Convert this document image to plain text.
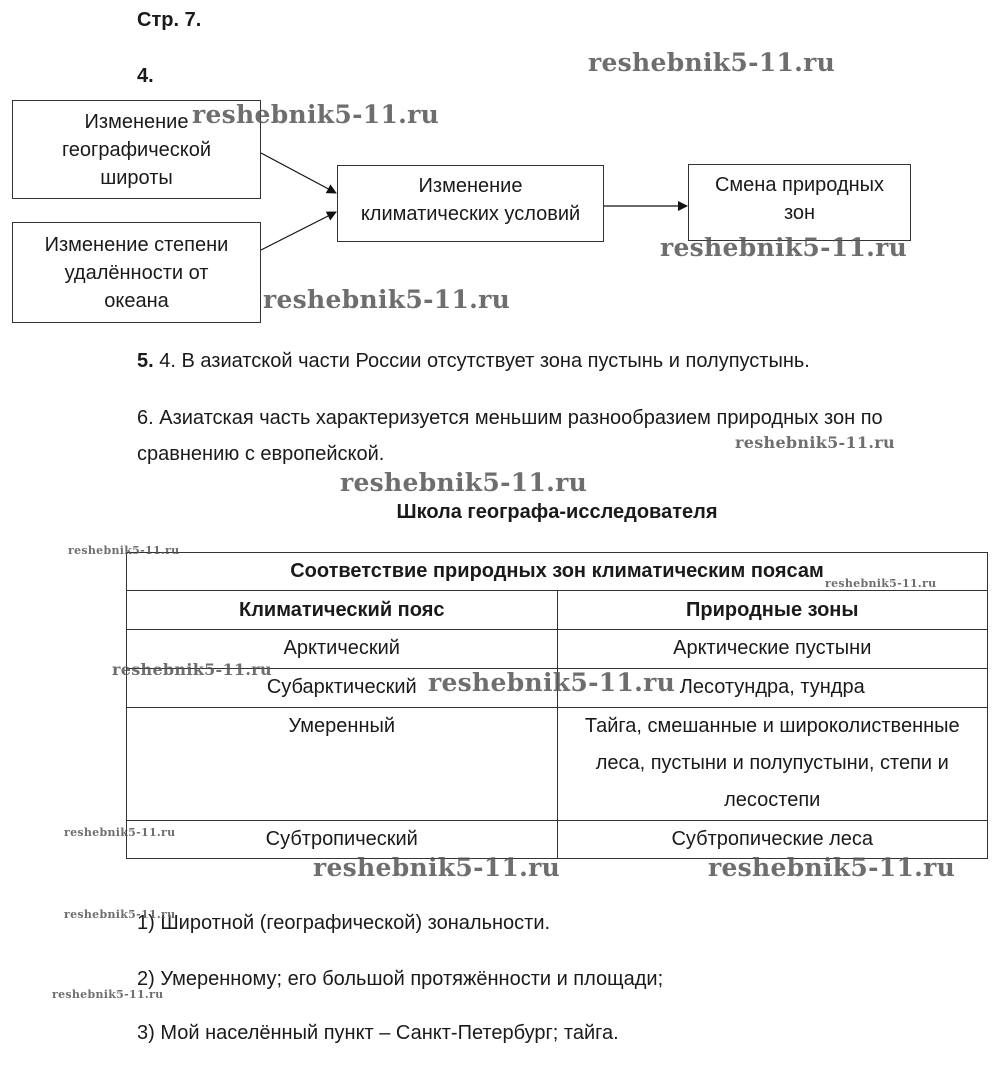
Стр. 7.
4.
Изменение
географической
широты
Изменение степени
удалённости от
океана
Изменение
климатических условий
Смена природных
зон
5. 4. В азиатской части России отсутствует зона пустынь и полупустынь.
6. Азиатская часть характеризуется меньшим разнообразием природных зон по
сравнению с европейской.
Школа географа-исследователя
Соответствие природных зон климатическим поясам	
Климатический пояс	Природные зоны
Арктический	Арктические пустыни
Субарктический	Лесотундра, тундра
Умеренный	Тайга, смешанные и широколиственные
леса, пустыни и полупустыни, степи и
лесостепи

Субтропический	Субтропические леса
1) Широтной (географической) зональности.
2) Умеренному; его большой протяжённости и площади;
3) Мой населённый пункт – Санкт-Петербург; тайга.
reshebnik5-11.ru
reshebnik5-11.ru
reshebnik5-11.ru
reshebnik5-11.ru
reshebnik5-11.ru
reshebnik5-11.ru
reshebnik5-11.ru
reshebnik5-11.ru
reshebnik5-11.ru	reshebnik5-11.ru
reshebnik5-11.ru
reshebnik5-11.ru	reshebnik5-11.ru
reshebnik5-11.ru
reshebnik5-11.ru
